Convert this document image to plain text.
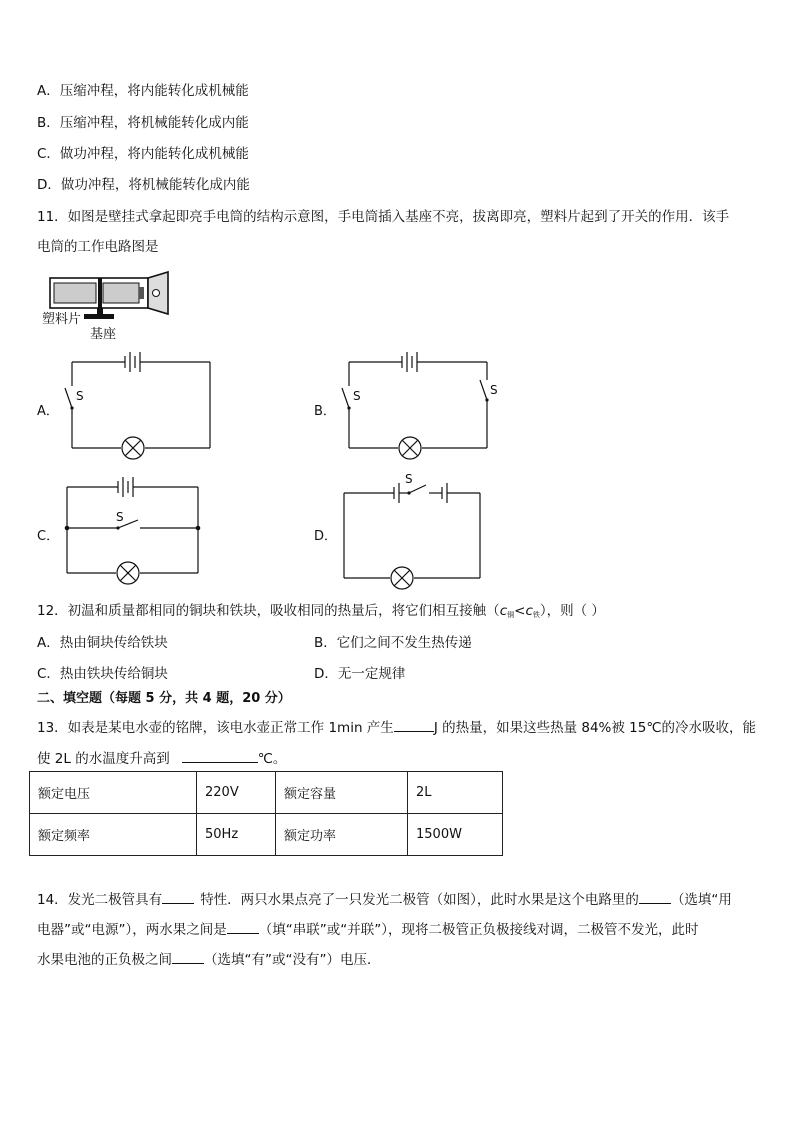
A．压缩冲程，将内能转化成机械能
B．压缩冲程，将机械能转化成内能
C．做功冲程，将内能转化成机械能
D．做功冲程，将机械能转化成内能
11．如图是壁挂式拿起即亮手电筒的结构示意图，手电筒插入基座不亮，拔离即亮，塑料片起到了开关的作用．该手
电筒的工作电路图是
塑料片
基座
A．
S
B．
S	S
C．
S
D．
S
12．初温和质量都相同的铜块和铁块，吸收相同的热量后，将它们相互接触$(c_铜<c_铁)$，则（ ）
A．热由铜块传给铁块	B．它们之间不发生热传递
C．热由铁块传给铜块	D．无一定规律
二、填空题（每题 5 分，共 4 题，20 分）
13．如表是某电水壶的铭牌，该电水壶正常工作 1min 产生	J 的热量，如果这些热量 84%被 15℃的冷水吸收，能
使 2L 的水温度升高到	℃。
额定电压	220V	额定容量	2L
额定频率	50Hz	额定功率	1500W
14．发光二极管具有	特性．两只水果点亮了一只发光二极管（如图），此时水果是这个电路里的 （选填“用
电器”或“电源”），两水果之间是 （填“串联”或“并联”），现将二极管正负极接线对调，二极管不发光，此时
水果电池的正负极之间 （选填“有”或“没有”）电压．
